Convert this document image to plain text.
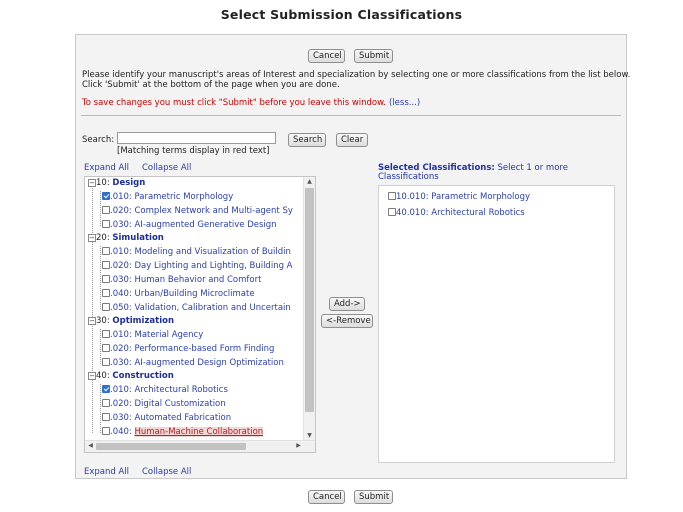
Select Submission Classifications
Cancel	Submit
Please identify your manuscript's areas of Interest and specialization by selecting one or more classifications from the list below.
Click 'Submit' at the bottom of the page when you are done.
To save changes you must click "Submit" before you leave this window. (less...)
Search:	Search	Clear
[Matching terms display in red text]
Expand All Collapse All
−10: Design
.010: Parametric Morphology
.020: Complex Network and Multi-agent Sy
.030: AI-augmented Generative Design
−20: Simulation
.010: Modeling and Visualization of Buildin
.020: Day Lighting and Lighting, Building A
.030: Human Behavior and Comfort
.040: Urban/Building Microclimate
.050: Validation, Calibration and Uncertain
−30: Optimization
.010: Material Agency
.020: Performance-based Form Finding
.030: AI-augmented Design Optimization
−40: Construction
.010: Architectural Robotics
.020: Digital Customization
.030: Automated Fabrication
.040: Human-Machine Collaboration
▲
▼
◀	▶
Add->
<-Remove
Selected Classifications: Select 1 or more
Classifications
10.010: Parametric Morphology
40.010: Architectural Robotics
Expand All Collapse All
Cancel	Submit
